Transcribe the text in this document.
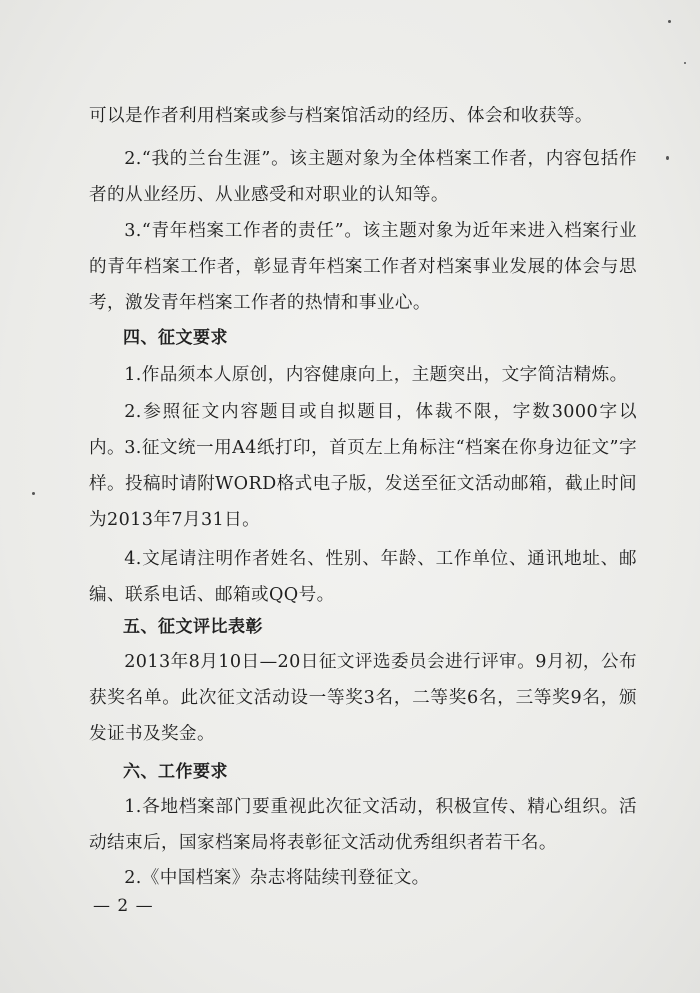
可以是作者利用档案或参与档案馆活动的经历、体会和收获等。
2.“我的兰台生涯”。该主题对象为全体档案工作者，内容包括作者的从业经历、从业感受和对职业的认知等。
3.“青年档案工作者的责任”。该主题对象为近年来进入档案行业的青年档案工作者，彰显青年档案工作者对档案事业发展的体会与思考，激发青年档案工作者的热情和事业心。
四、征文要求
1.作品须本人原创，内容健康向上，主题突出，文字简洁精炼。
2.参照征文内容题目或自拟题目，体裁不限，字数3000字以内。 3.征文统一用A4纸打印，首页左上角标注“档案在你身边征文”字样。投稿时请附WORD格式电子版，发送至征文活动邮箱，截止时间为2013年7月31日。
4.文尾请注明作者姓名、性别、年龄、工作单位、通讯地址、邮编、联系电话、邮箱或QQ号。
五、征文评比表彰
2013年8月10日—20日征文评选委员会进行评审。9月初，公布获奖名单。此次征文活动设一等奖3名，二等奖6名，三等奖9名，颁发证书及奖金。
六、工作要求
1.各地档案部门要重视此次征文活动，积极宣传、精心组织。活动结束后，国家档案局将表彰征文活动优秀组织者若干名。
2.《中国档案》杂志将陆续刊登征文。
— 2 —
